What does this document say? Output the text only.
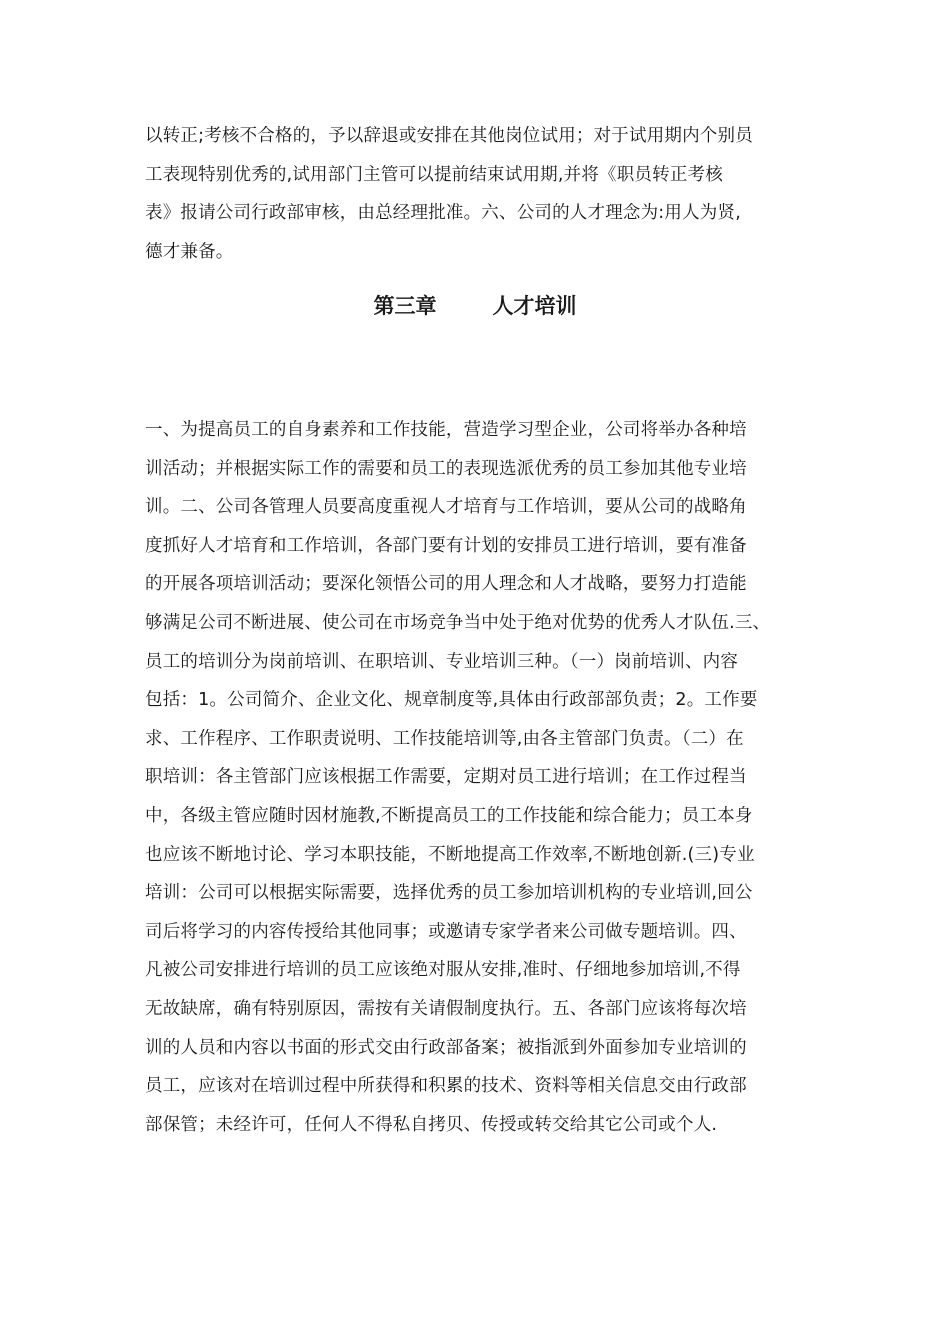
以转正;考核不合格的，予以辞退或安排在其他岗位试用；对于试用期内个别员
工表现特别优秀的,试用部门主管可以提前结束试用期,并将《职员转正考核
表》报请公司行政部审核，由总经理批准。六、公司的人才理念为:用人为贤,
德才兼备。

第三章	人才培训

一、为提高员工的自身素养和工作技能，营造学习型企业，公司将举办各种培
训活动；并根据实际工作的需要和员工的表现选派优秀的员工参加其他专业培
训。二、公司各管理人员要高度重视人才培育与工作培训，要从公司的战略角
度抓好人才培育和工作培训，各部门要有计划的安排员工进行培训，要有准备
的开展各项培训活动；要深化领悟公司的用人理念和人才战略，要努力打造能
够满足公司不断进展、使公司在市场竞争当中处于绝对优势的优秀人才队伍.三、
员工的培训分为岗前培训、在职培训、专业培训三种。（一）岗前培训、内容
包括：1。公司简介、企业文化、规章制度等,具体由行政部部负责；2。工作要
求、工作程序、工作职责说明、工作技能培训等,由各主管部门负责。（二）在
职培训：各主管部门应该根据工作需要，定期对员工进行培训；在工作过程当
中，各级主管应随时因材施教,不断提高员工的工作技能和综合能力；员工本身
也应该不断地讨论、学习本职技能，不断地提高工作效率,不断地创新.(三)专业
培训：公司可以根据实际需要，选择优秀的员工参加培训机构的专业培训,回公
司后将学习的内容传授给其他同事；或邀请专家学者来公司做专题培训。四、
凡被公司安排进行培训的员工应该绝对服从安排,准时、仔细地参加培训,不得
无故缺席，确有特别原因，需按有关请假制度执行。五、各部门应该将每次培
训的人员和内容以书面的形式交由行政部备案；被指派到外面参加专业培训的
员工，应该对在培训过程中所获得和积累的技术、资料等相关信息交由行政部
部保管；未经许可，任何人不得私自拷贝、传授或转交给其它公司或个人.
